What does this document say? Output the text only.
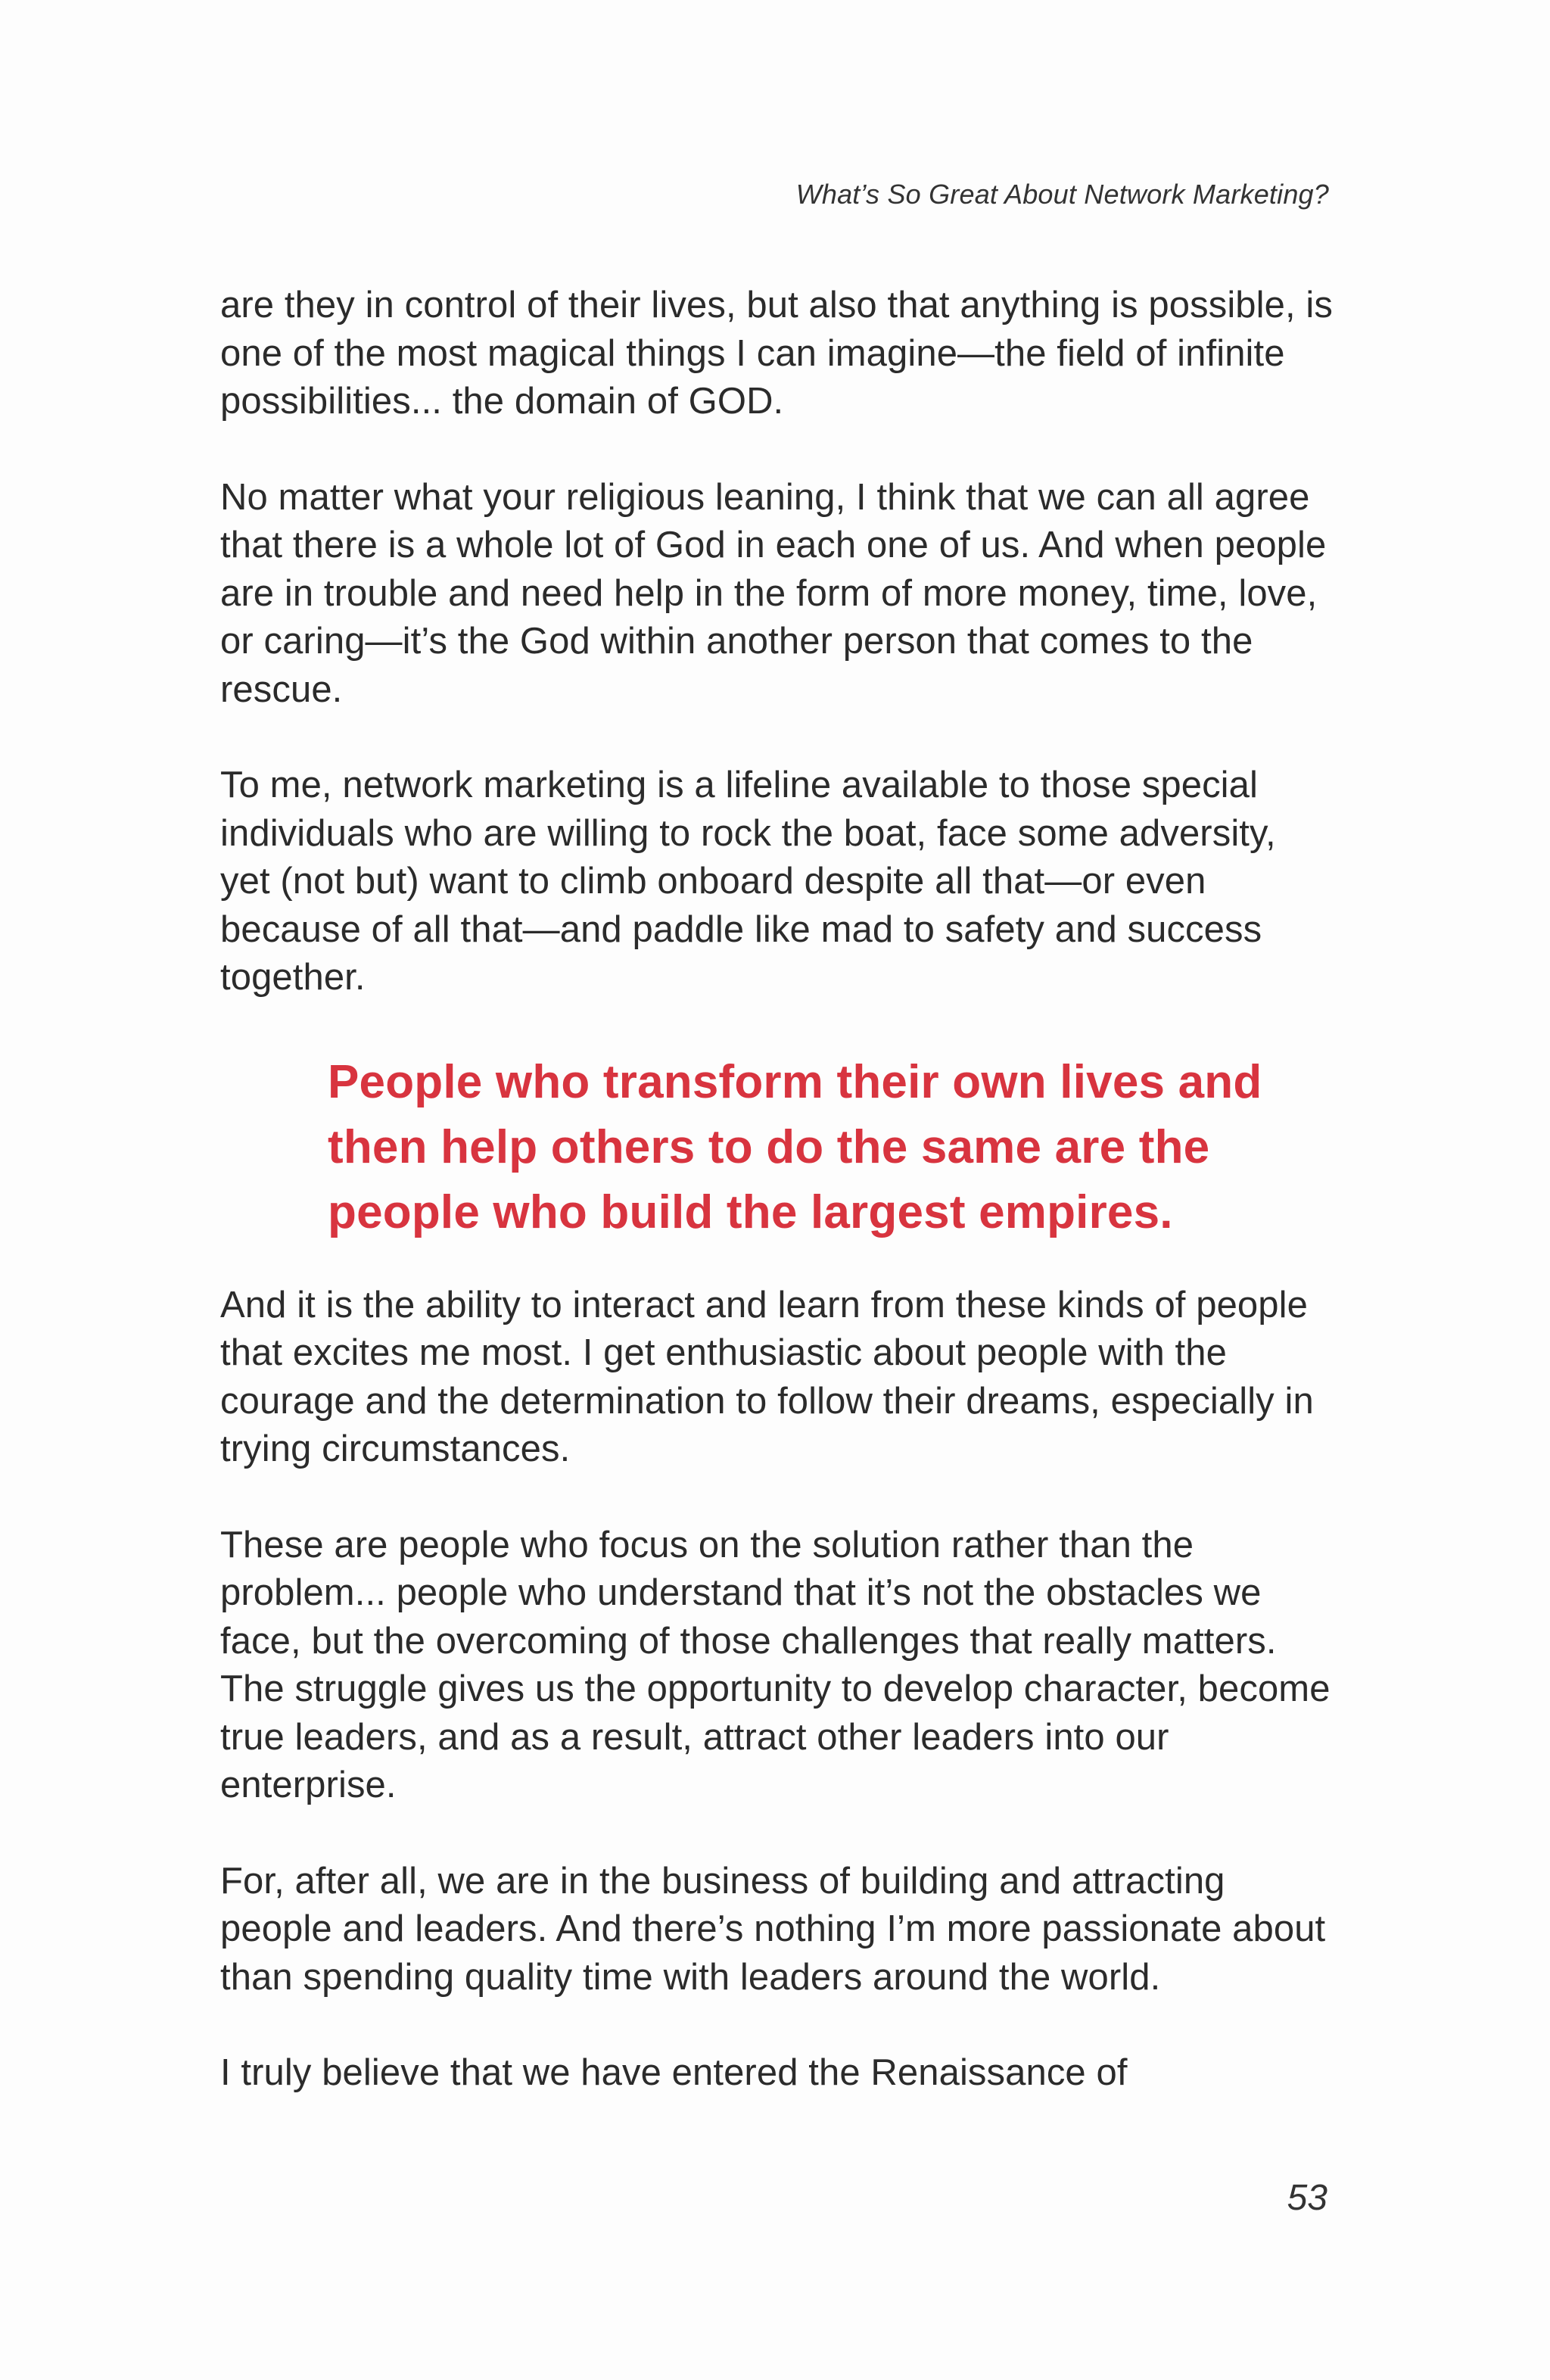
What’s So Great About Network Marketing?

are they in control of their lives, but also that anything is possible, is one of the most magical things I can imagine—the field of infinite possibilities... the domain of GOD.

No matter what your religious leaning, I think that we can all agree that there is a whole lot of God in each one of us. And when people are in trouble and need help in the form of more money, time, love, or caring—it’s the God within another person that comes to the rescue.

To me, network marketing is a lifeline available to those special individuals who are willing to rock the boat, face some adversity, yet (not but) want to climb onboard despite all that—or even because of all that—and paddle like mad to safety and success together.

People who transform their own lives and then help others to do the same are the people who build the largest empires.

And it is the ability to interact and learn from these kinds of people that excites me most. I get enthusiastic about people with the courage and the determination to follow their dreams, especially in trying circumstances.

These are people who focus on the solution rather than the problem... people who understand that it’s not the obstacles we face, but the overcoming of those challenges that really matters. The struggle gives us the opportunity to develop character, become true leaders, and as a result, attract other leaders into our enterprise.

For, after all, we are in the business of building and attracting people and leaders. And there’s nothing I’m more passionate about than spending quality time with leaders around the world.

I truly believe that we have entered the Renaissance of

53
